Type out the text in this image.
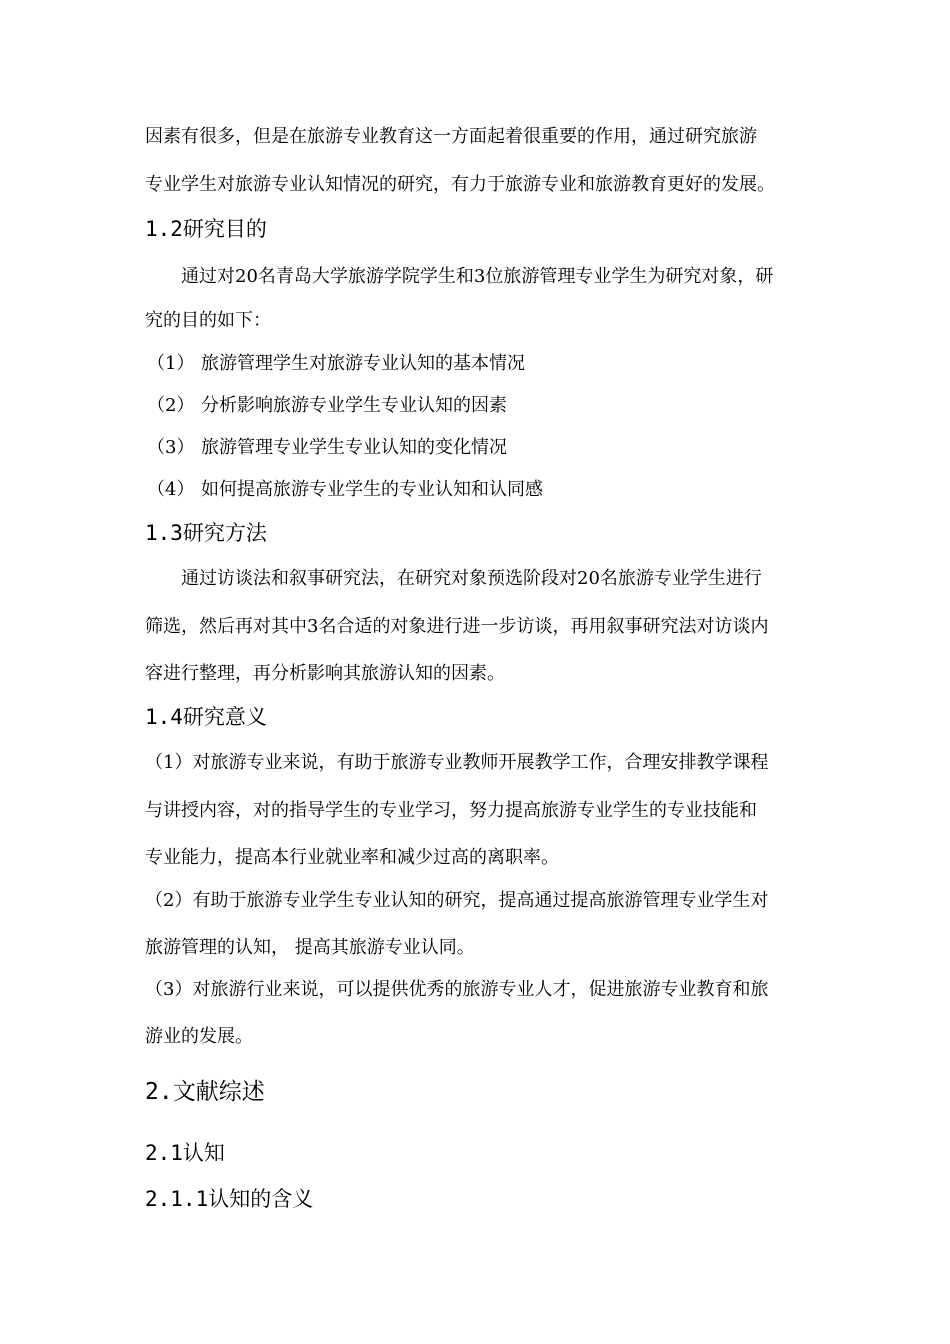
因素有很多，但是在旅游专业教育这一方面起着很重要的作用，通过研究旅游
专业学生对旅游专业认知情况的研究，有力于旅游专业和旅游教育更好的发展。
1.2研究目的
通过对20名青岛大学旅游学院学生和3位旅游管理专业学生为研究对象，研
究的目的如下：
（1） 旅游管理学生对旅游专业认知的基本情况
（2） 分析影响旅游专业学生专业认知的因素
（3） 旅游管理专业学生专业认知的变化情况
（4） 如何提高旅游专业学生的专业认知和认同感
1.3研究方法
通过访谈法和叙事研究法，在研究对象预选阶段对20名旅游专业学生进行
筛选，然后再对其中3名合适的对象进行进一步访谈，再用叙事研究法对访谈内
容进行整理，再分析影响其旅游认知的因素。
1.4研究意义
（1）对旅游专业来说，有助于旅游专业教师开展教学工作，合理安排教学课程
与讲授内容，对的指导学生的专业学习，努力提高旅游专业学生的专业技能和
专业能力，提高本行业就业率和减少过高的离职率。
（2）有助于旅游专业学生专业认知的研究，提高通过提高旅游管理专业学生对
旅游管理的认知， 提高其旅游专业认同。
（3）对旅游行业来说，可以提供优秀的旅游专业人才，促进旅游专业教育和旅
游业的发展。
2.文献综述
2.1认知
2.1.1认知的含义
